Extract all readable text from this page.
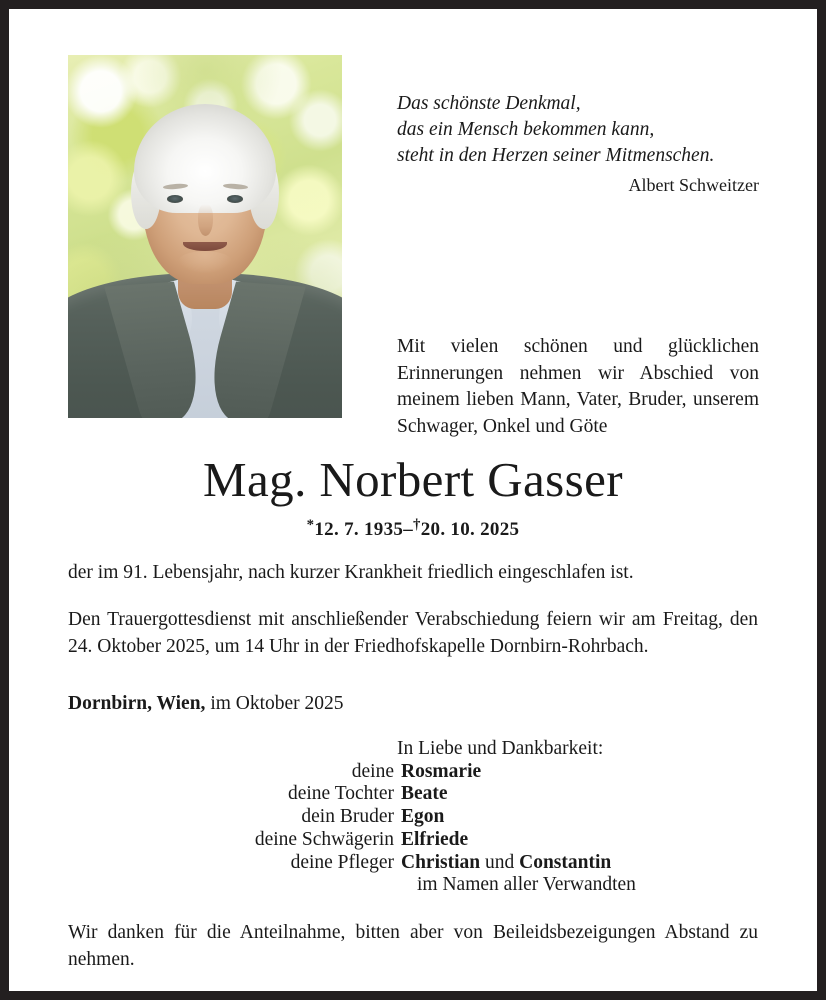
Das schönste Denkmal,
das ein Mensch bekommen kann,
steht in den Herzen seiner Mitmenschen.
Albert Schweitzer
Mit vielen schönen und glücklichen Erinnerungen nehmen wir Abschied von meinem lieben Mann, Vater, Bruder, unserem Schwager, Onkel und Göte
Mag. Norbert Gasser
*12. 7. 1935–†20. 10. 2025
der im 91. Lebensjahr, nach kurzer Krankheit friedlich eingeschlafen ist.
Den Trauergottesdienst mit anschließender Verabschiedung feiern wir am Freitag, den 24. Oktober 2025, um 14 Uhr in der Friedhofskapelle Dornbirn-Rohrbach.
Dornbirn, Wien, im Oktober 2025
In Liebe und Dankbarkeit:
deine Rosmarie
deine Tochter Beate
dein Bruder Egon
deine Schwägerin Elfriede
deine Pfleger Christian und Constantin
im Namen aller Verwandten
Wir danken für die Anteilnahme, bitten aber von Beileidsbezeigungen Abstand zu nehmen.
